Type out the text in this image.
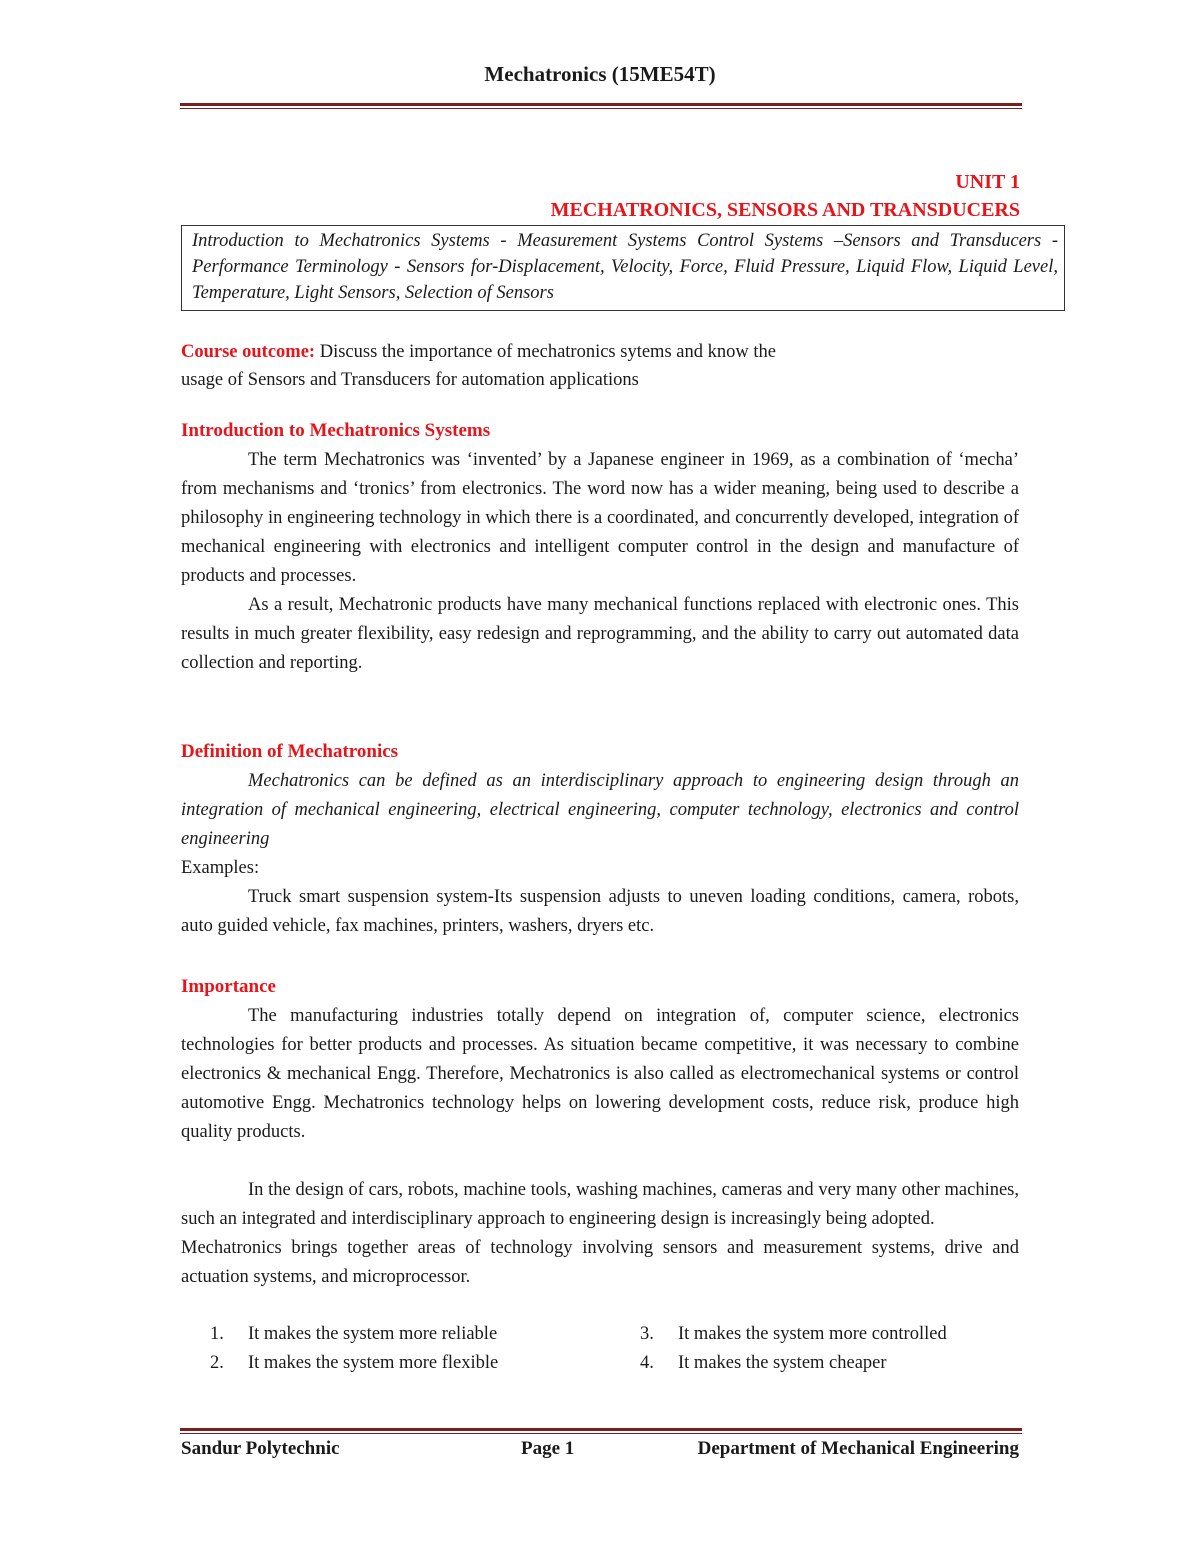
Mechatronics (15ME54T)
UNIT 1
MECHATRONICS, SENSORS AND TRANSDUCERS
Introduction to Mechatronics Systems - Measurement Systems Control Systems –Sensors and Transducers - Performance Terminology - Sensors for-Displacement, Velocity, Force, Fluid Pressure, Liquid Flow, Liquid Level, Temperature, Light Sensors, Selection of Sensors
Course outcome: Discuss the importance of mechatronics sytems and know the
usage of Sensors and Transducers for automation applications
Introduction to Mechatronics Systems

The term Mechatronics was ‘invented’ by a Japanese engineer in 1969, as a combination of ‘mecha’ from mechanisms and ‘tronics’ from electronics. The word now has a wider meaning, being used to describe a philosophy in engineering technology in which there is a coordinated, and concurrently developed, integration of mechanical engineering with electronics and intelligent computer control in the design and manufacture of products and processes.

As a result, Mechatronic products have many mechanical functions replaced with electronic ones. This results in much greater flexibility, easy redesign and reprogramming, and the ability to carry out automated data collection and reporting.

Definition of Mechatronics

Mechatronics can be defined as an interdisciplinary approach to engineering design through an integration of mechanical engineering, electrical engineering, computer technology, electronics and control engineering

Examples:

Truck smart suspension system-Its suspension adjusts to uneven loading conditions, camera, robots, auto guided vehicle, fax machines, printers, washers, dryers etc.

Importance

The manufacturing industries totally depend on integration of, computer science, electronics technologies for better products and processes. As situation became competitive, it was necessary to combine electronics & mechanical Engg. Therefore, Mechatronics is also called as electromechanical systems or control automotive Engg. Mechatronics technology helps on lowering development costs, reduce risk, produce high quality products.

In the design of cars, robots, machine tools, washing machines, cameras and very many other machines, such an integrated and interdisciplinary approach to engineering design is increasingly being adopted.

Mechatronics brings together areas of technology involving sensors and measurement systems, drive and actuation systems, and microprocessor.

1.	It makes the system more reliable	3.	It makes the system more controlled
2.	It makes the system more flexible	4.	It makes the system cheaper
Sandur Polytechnic	Page 1	Department of Mechanical Engineering
